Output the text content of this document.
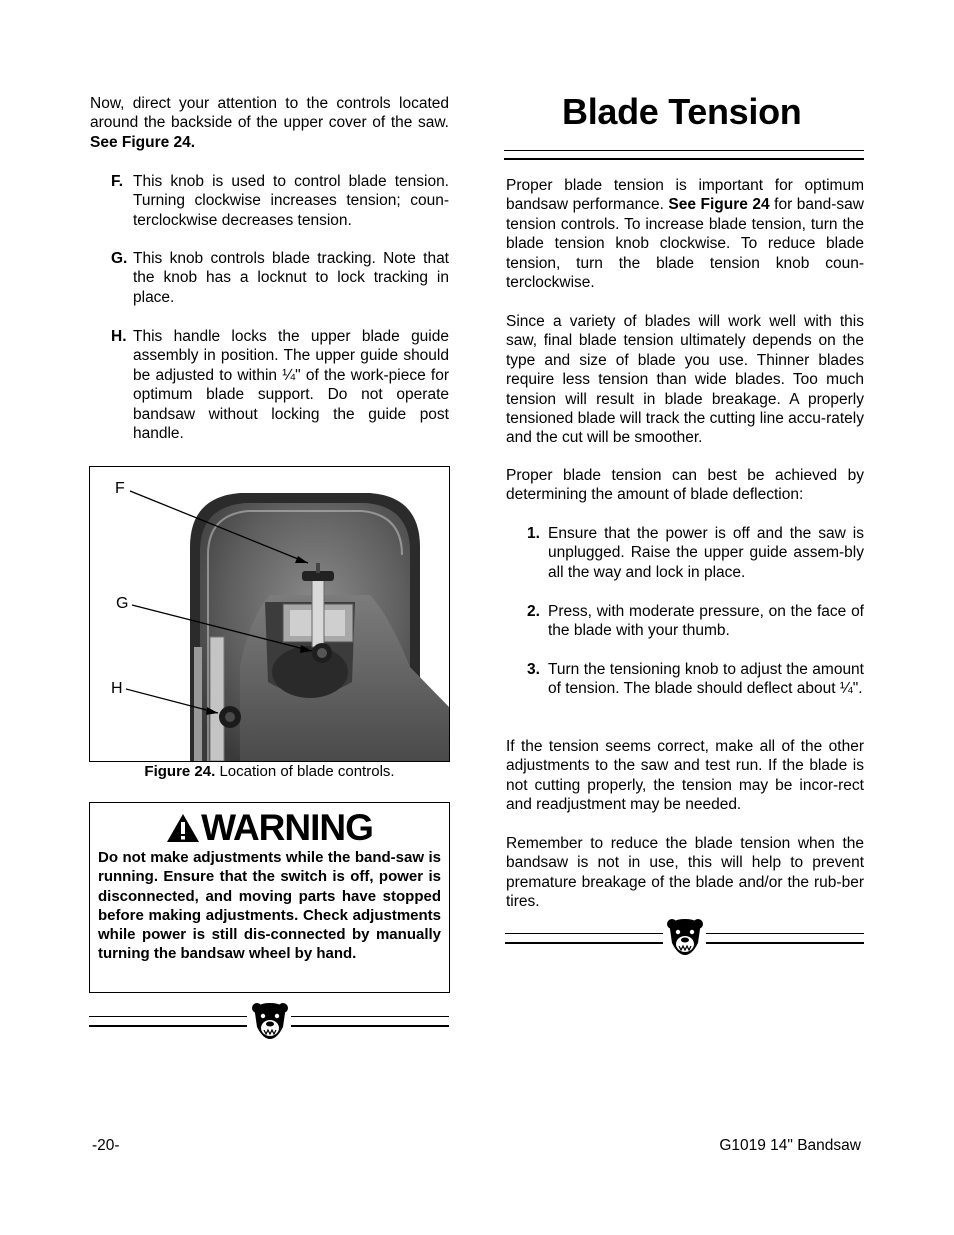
Now, direct your attention to the controls located around the backside of the upper cover of the saw. See Figure 24.

F. This knob is used to control blade tension. Turning clockwise increases tension; coun-terclockwise decreases tension.
G. This knob controls blade tracking. Note that the knob has a locknut to lock tracking in place.
H. This handle locks the upper blade guide assembly in position. The upper guide should be adjusted to within ¼" of the work-piece for optimum blade support. Do not operate bandsaw without locking the guide post handle.
F
G
H
Figure 24. Location of blade controls.
WARNING
Do not make adjustments while the band-saw is running. Ensure that the switch is off, power is disconnected, and moving parts have stopped before making adjustments. Check adjustments while power is still dis-connected by manually turning the bandsaw wheel by hand.
Blade Tension

Proper blade tension is important for optimum bandsaw performance. See Figure 24 for band-saw tension controls. To increase blade tension, turn the blade tension knob clockwise. To reduce blade tension, turn the blade tension knob coun-terclockwise.

Since a variety of blades will work well with this saw, final blade tension ultimately depends on the type and size of blade you use. Thinner blades require less tension than wide blades. Too much tension will result in blade breakage. A properly tensioned blade will track the cutting line accu-rately and the cut will be smoother.

Proper blade tension can best be achieved by determining the amount of blade deflection:

1. Ensure that the power is off and the saw is unplugged. Raise the upper guide assem-bly all the way and lock in place.
2. Press, with moderate pressure, on the face of the blade with your thumb.
3. Turn the tensioning knob to adjust the amount of tension. The blade should deflect about ¼".

If the tension seems correct, make all of the other adjustments to the saw and test run. If the blade is not cutting properly, the tension may be incor-rect and readjustment may be needed.

Remember to reduce the blade tension when the bandsaw is not in use, this will help to prevent premature breakage of the blade and/or the rub-ber tires.

-20-	G1019 14" Bandsaw
